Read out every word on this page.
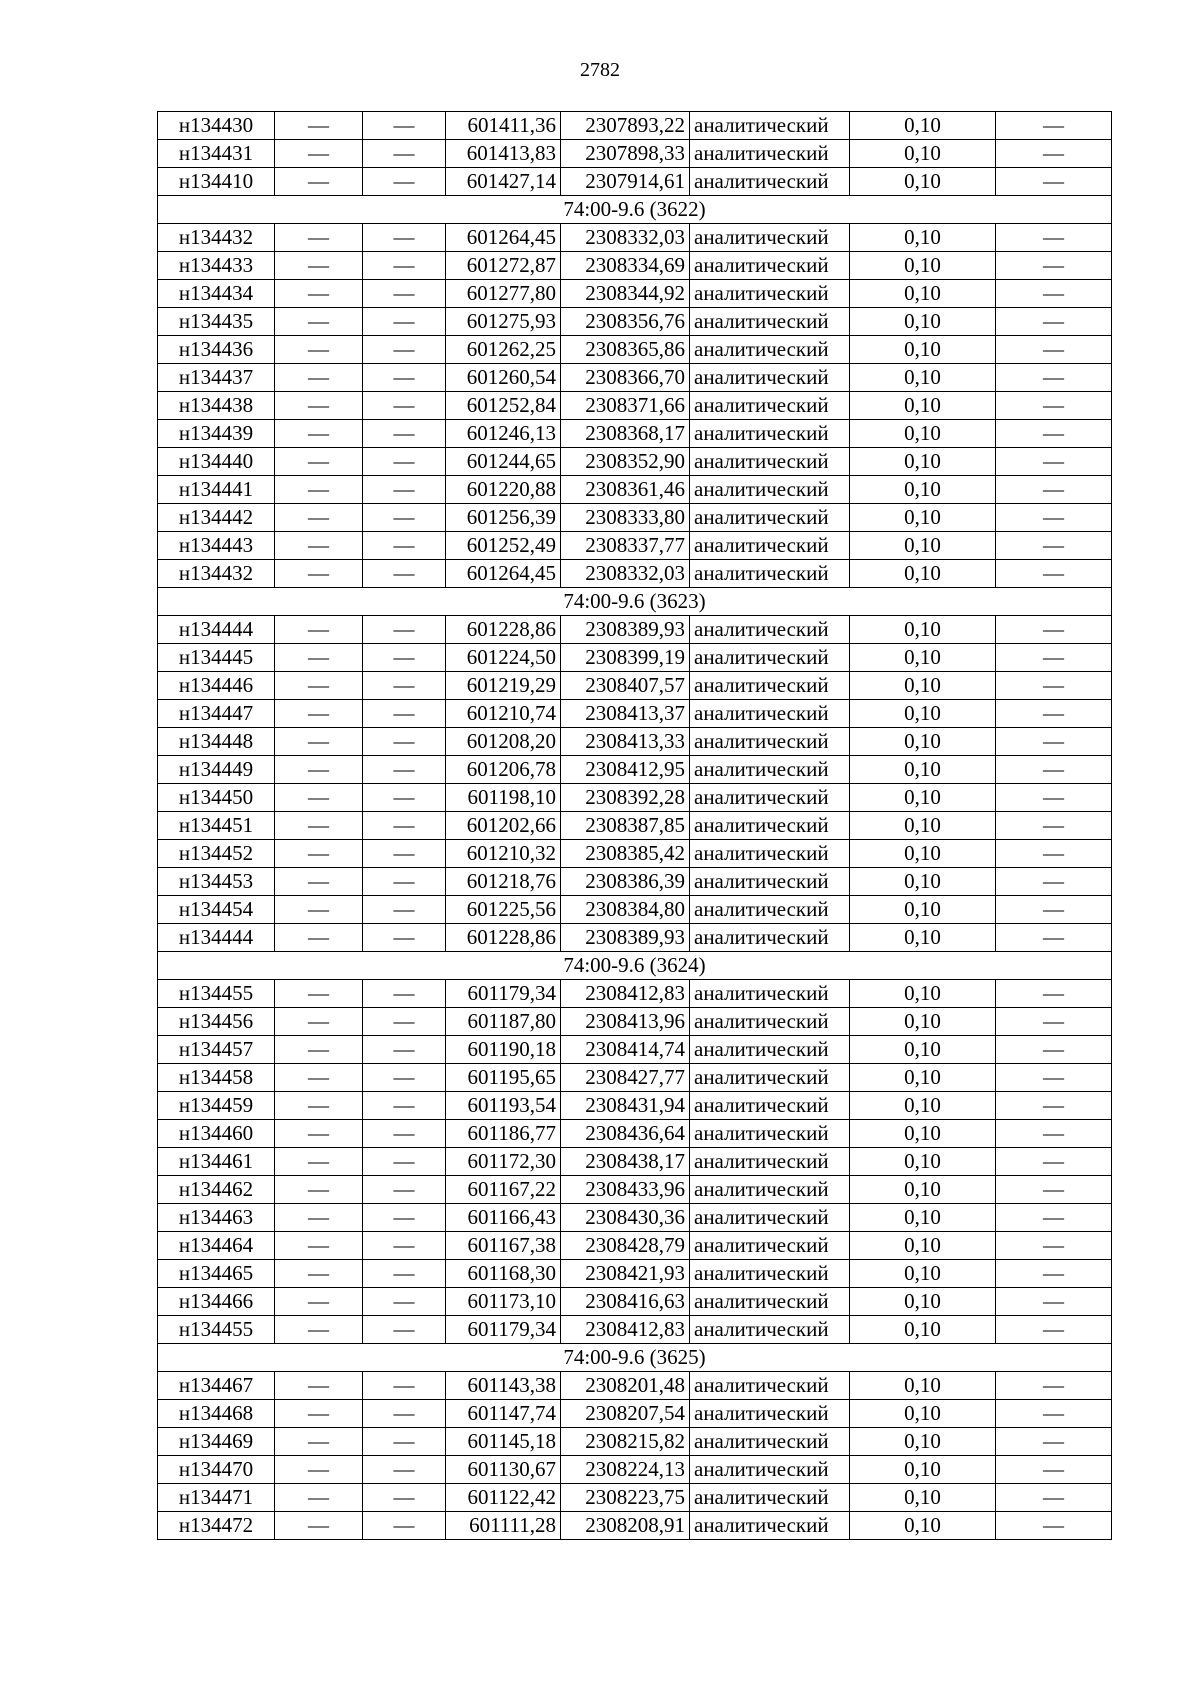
2782
н134430	—	—	601411,36	2307893,22	аналитический	0,10	—
н134431	—	—	601413,83	2307898,33	аналитический	0,10	—
н134410	—	—	601427,14	2307914,61	аналитический	0,10	—
74:00-9.6 (3622)							
н134432	—	—	601264,45	2308332,03	аналитический	0,10	—
н134433	—	—	601272,87	2308334,69	аналитический	0,10	—
н134434	—	—	601277,80	2308344,92	аналитический	0,10	—
н134435	—	—	601275,93	2308356,76	аналитический	0,10	—
н134436	—	—	601262,25	2308365,86	аналитический	0,10	—
н134437	—	—	601260,54	2308366,70	аналитический	0,10	—
н134438	—	—	601252,84	2308371,66	аналитический	0,10	—
н134439	—	—	601246,13	2308368,17	аналитический	0,10	—
н134440	—	—	601244,65	2308352,90	аналитический	0,10	—
н134441	—	—	601220,88	2308361,46	аналитический	0,10	—
н134442	—	—	601256,39	2308333,80	аналитический	0,10	—
н134443	—	—	601252,49	2308337,77	аналитический	0,10	—
н134432	—	—	601264,45	2308332,03	аналитический	0,10	—
74:00-9.6 (3623)							
н134444	—	—	601228,86	2308389,93	аналитический	0,10	—
н134445	—	—	601224,50	2308399,19	аналитический	0,10	—
н134446	—	—	601219,29	2308407,57	аналитический	0,10	—
н134447	—	—	601210,74	2308413,37	аналитический	0,10	—
н134448	—	—	601208,20	2308413,33	аналитический	0,10	—
н134449	—	—	601206,78	2308412,95	аналитический	0,10	—
н134450	—	—	601198,10	2308392,28	аналитический	0,10	—
н134451	—	—	601202,66	2308387,85	аналитический	0,10	—
н134452	—	—	601210,32	2308385,42	аналитический	0,10	—
н134453	—	—	601218,76	2308386,39	аналитический	0,10	—
н134454	—	—	601225,56	2308384,80	аналитический	0,10	—
н134444	—	—	601228,86	2308389,93	аналитический	0,10	—
74:00-9.6 (3624)							
н134455	—	—	601179,34	2308412,83	аналитический	0,10	—
н134456	—	—	601187,80	2308413,96	аналитический	0,10	—
н134457	—	—	601190,18	2308414,74	аналитический	0,10	—
н134458	—	—	601195,65	2308427,77	аналитический	0,10	—
н134459	—	—	601193,54	2308431,94	аналитический	0,10	—
н134460	—	—	601186,77	2308436,64	аналитический	0,10	—
н134461	—	—	601172,30	2308438,17	аналитический	0,10	—
н134462	—	—	601167,22	2308433,96	аналитический	0,10	—
н134463	—	—	601166,43	2308430,36	аналитический	0,10	—
н134464	—	—	601167,38	2308428,79	аналитический	0,10	—
н134465	—	—	601168,30	2308421,93	аналитический	0,10	—
н134466	—	—	601173,10	2308416,63	аналитический	0,10	—
н134455	—	—	601179,34	2308412,83	аналитический	0,10	—
74:00-9.6 (3625)							
н134467	—	—	601143,38	2308201,48	аналитический	0,10	—
н134468	—	—	601147,74	2308207,54	аналитический	0,10	—
н134469	—	—	601145,18	2308215,82	аналитический	0,10	—
н134470	—	—	601130,67	2308224,13	аналитический	0,10	—
н134471	—	—	601122,42	2308223,75	аналитический	0,10	—
н134472	—	—	601111,28	2308208,91	аналитический	0,10	—
